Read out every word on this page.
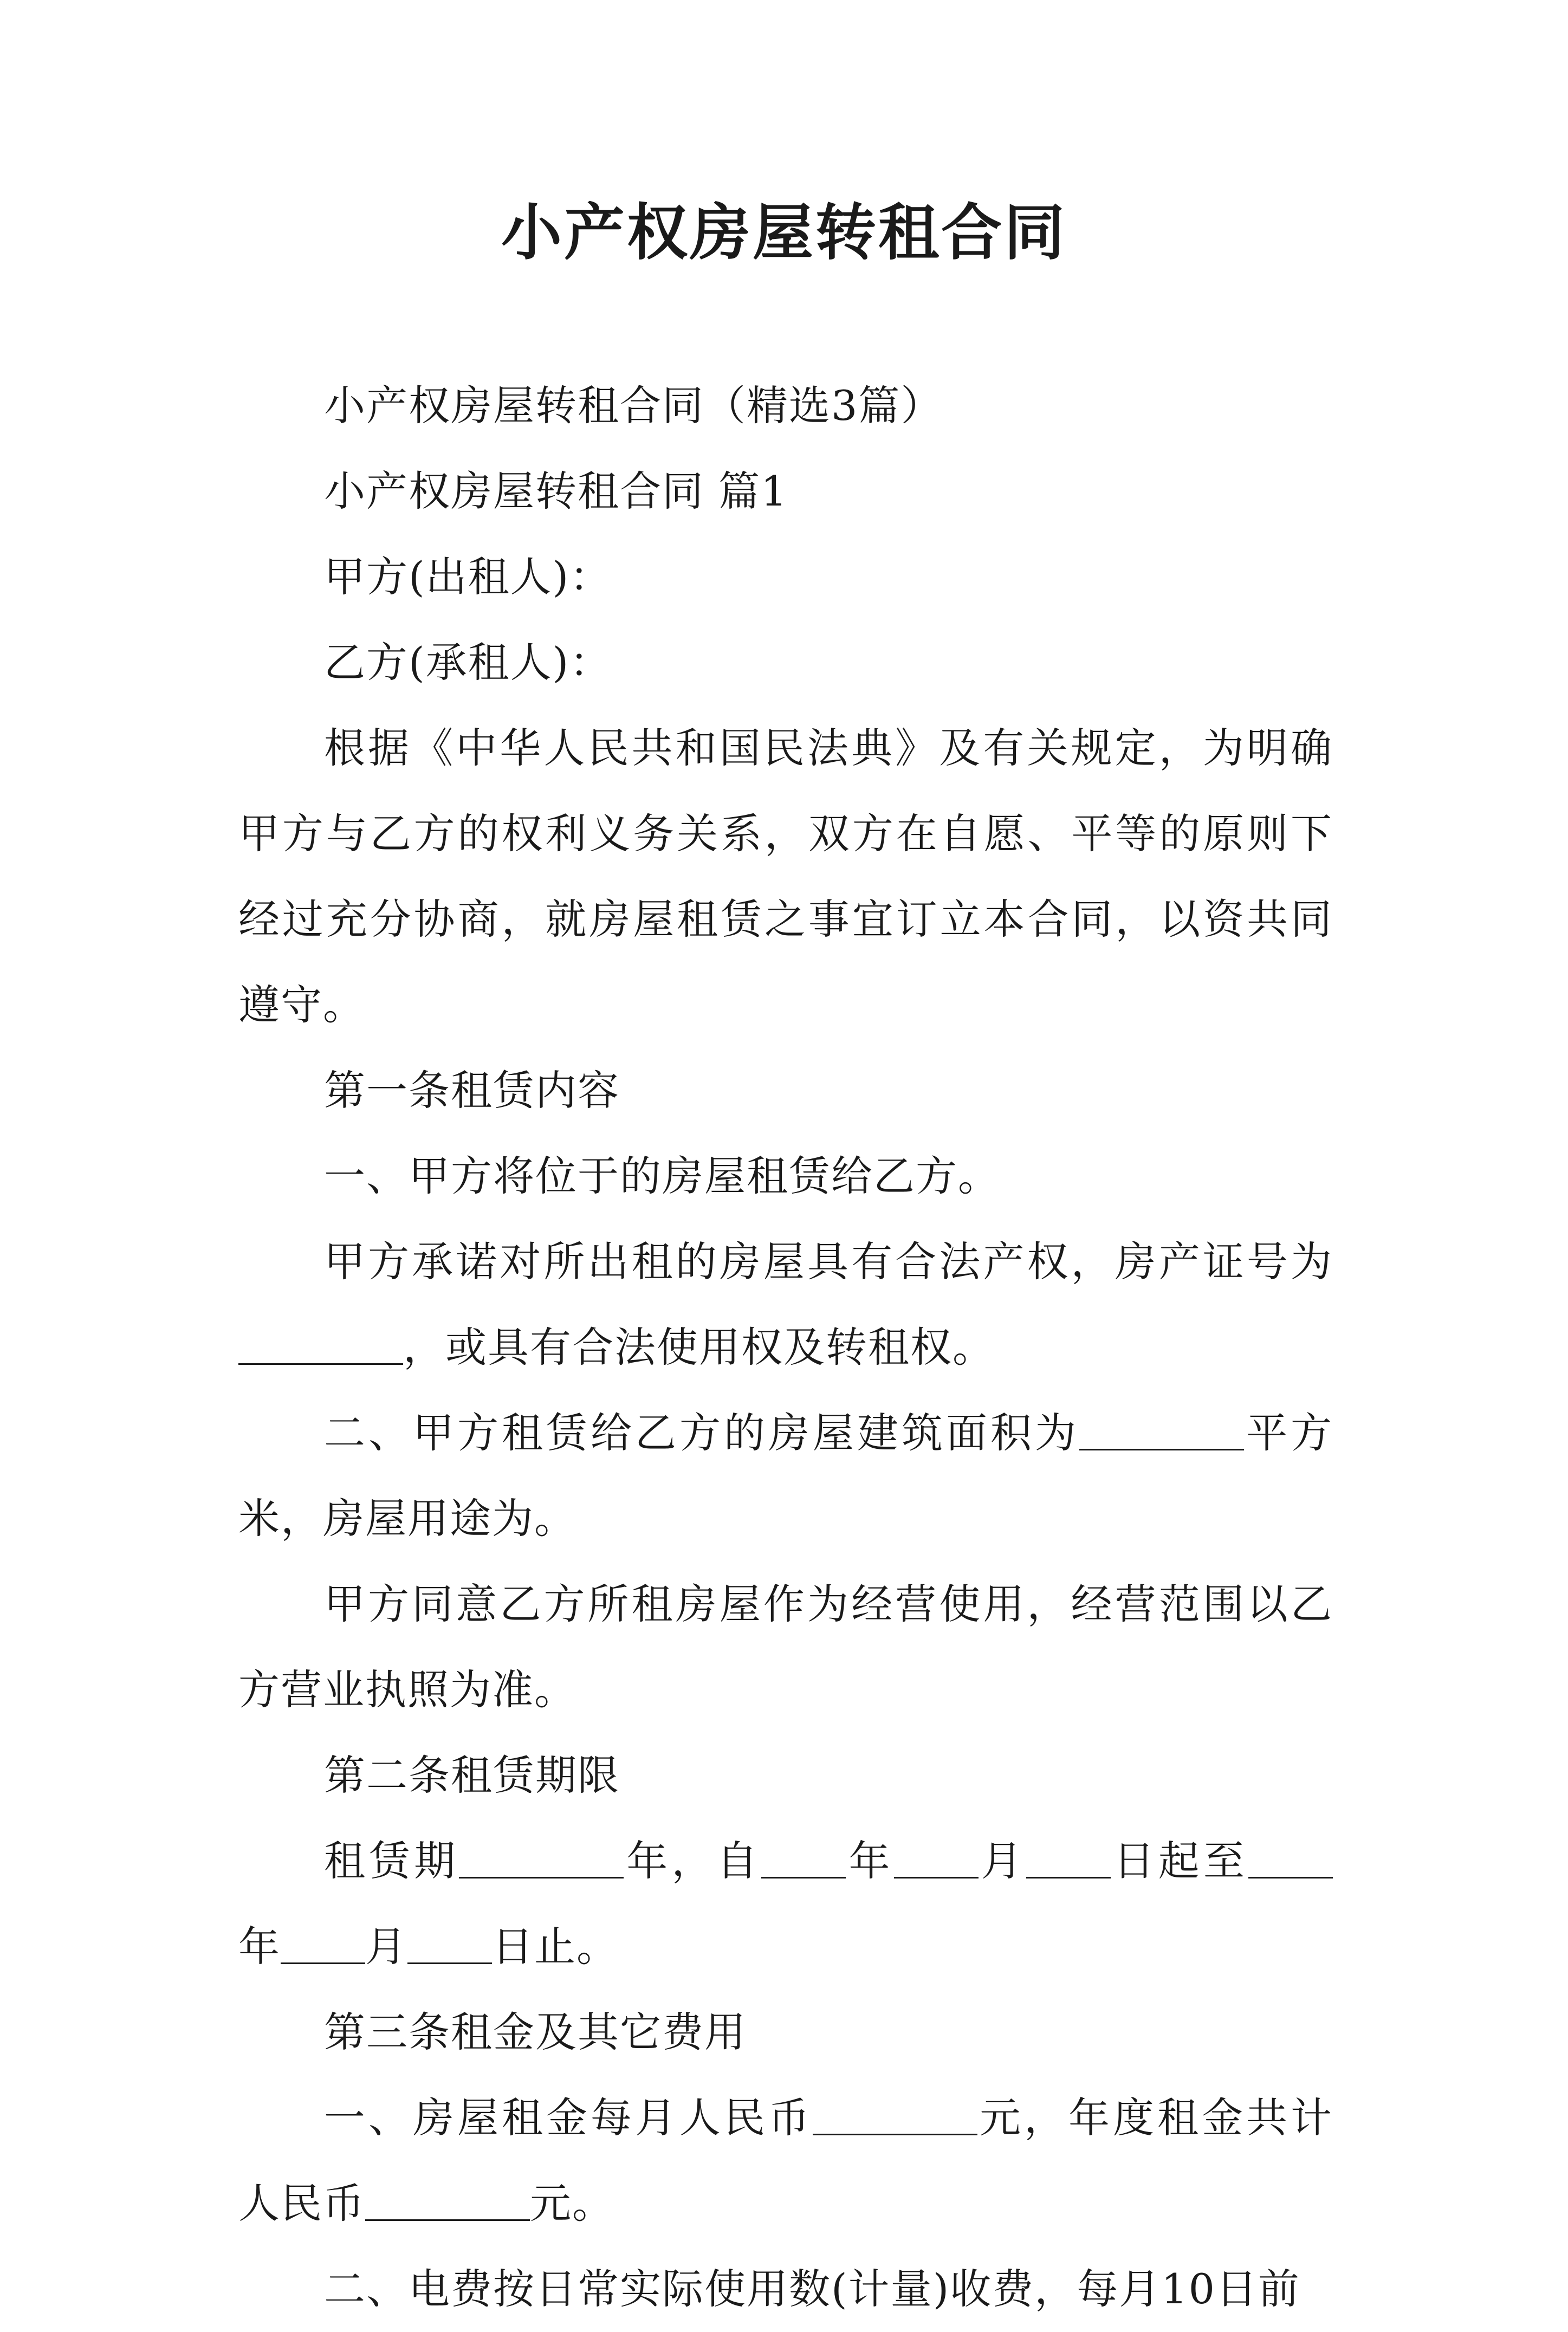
小产权房屋转租合同

小产权房屋转租合同（精选3篇）

小产权房屋转租合同 篇1

甲方(出租人)：

乙方(承租人)：

根据《中华人民共和国民法典》及有关规定，为明确甲方与乙方的权利义务关系，双方在自愿、平等的原则下经过充分协商，就房屋租赁之事宜订立本合同，以资共同遵守。

第一条租赁内容

一、甲方将位于的房屋租赁给乙方。

甲方承诺对所出租的房屋具有合法产权，房产证号为，或具有合法使用权及转租权。

二、甲方租赁给乙方的房屋建筑面积为	平方米，房屋用途为。

甲方同意乙方所租房屋作为经营使用，经营范围以乙方营业执照为准。

第二条租赁期限

租赁期	年，自 年 月 日起至年 月 日止。

第三条租金及其它费用

一、房屋租金每月人民币	元，年度租金共计人民币	元。

二、电费按日常实际使用数(计量)收费，每月10日前
